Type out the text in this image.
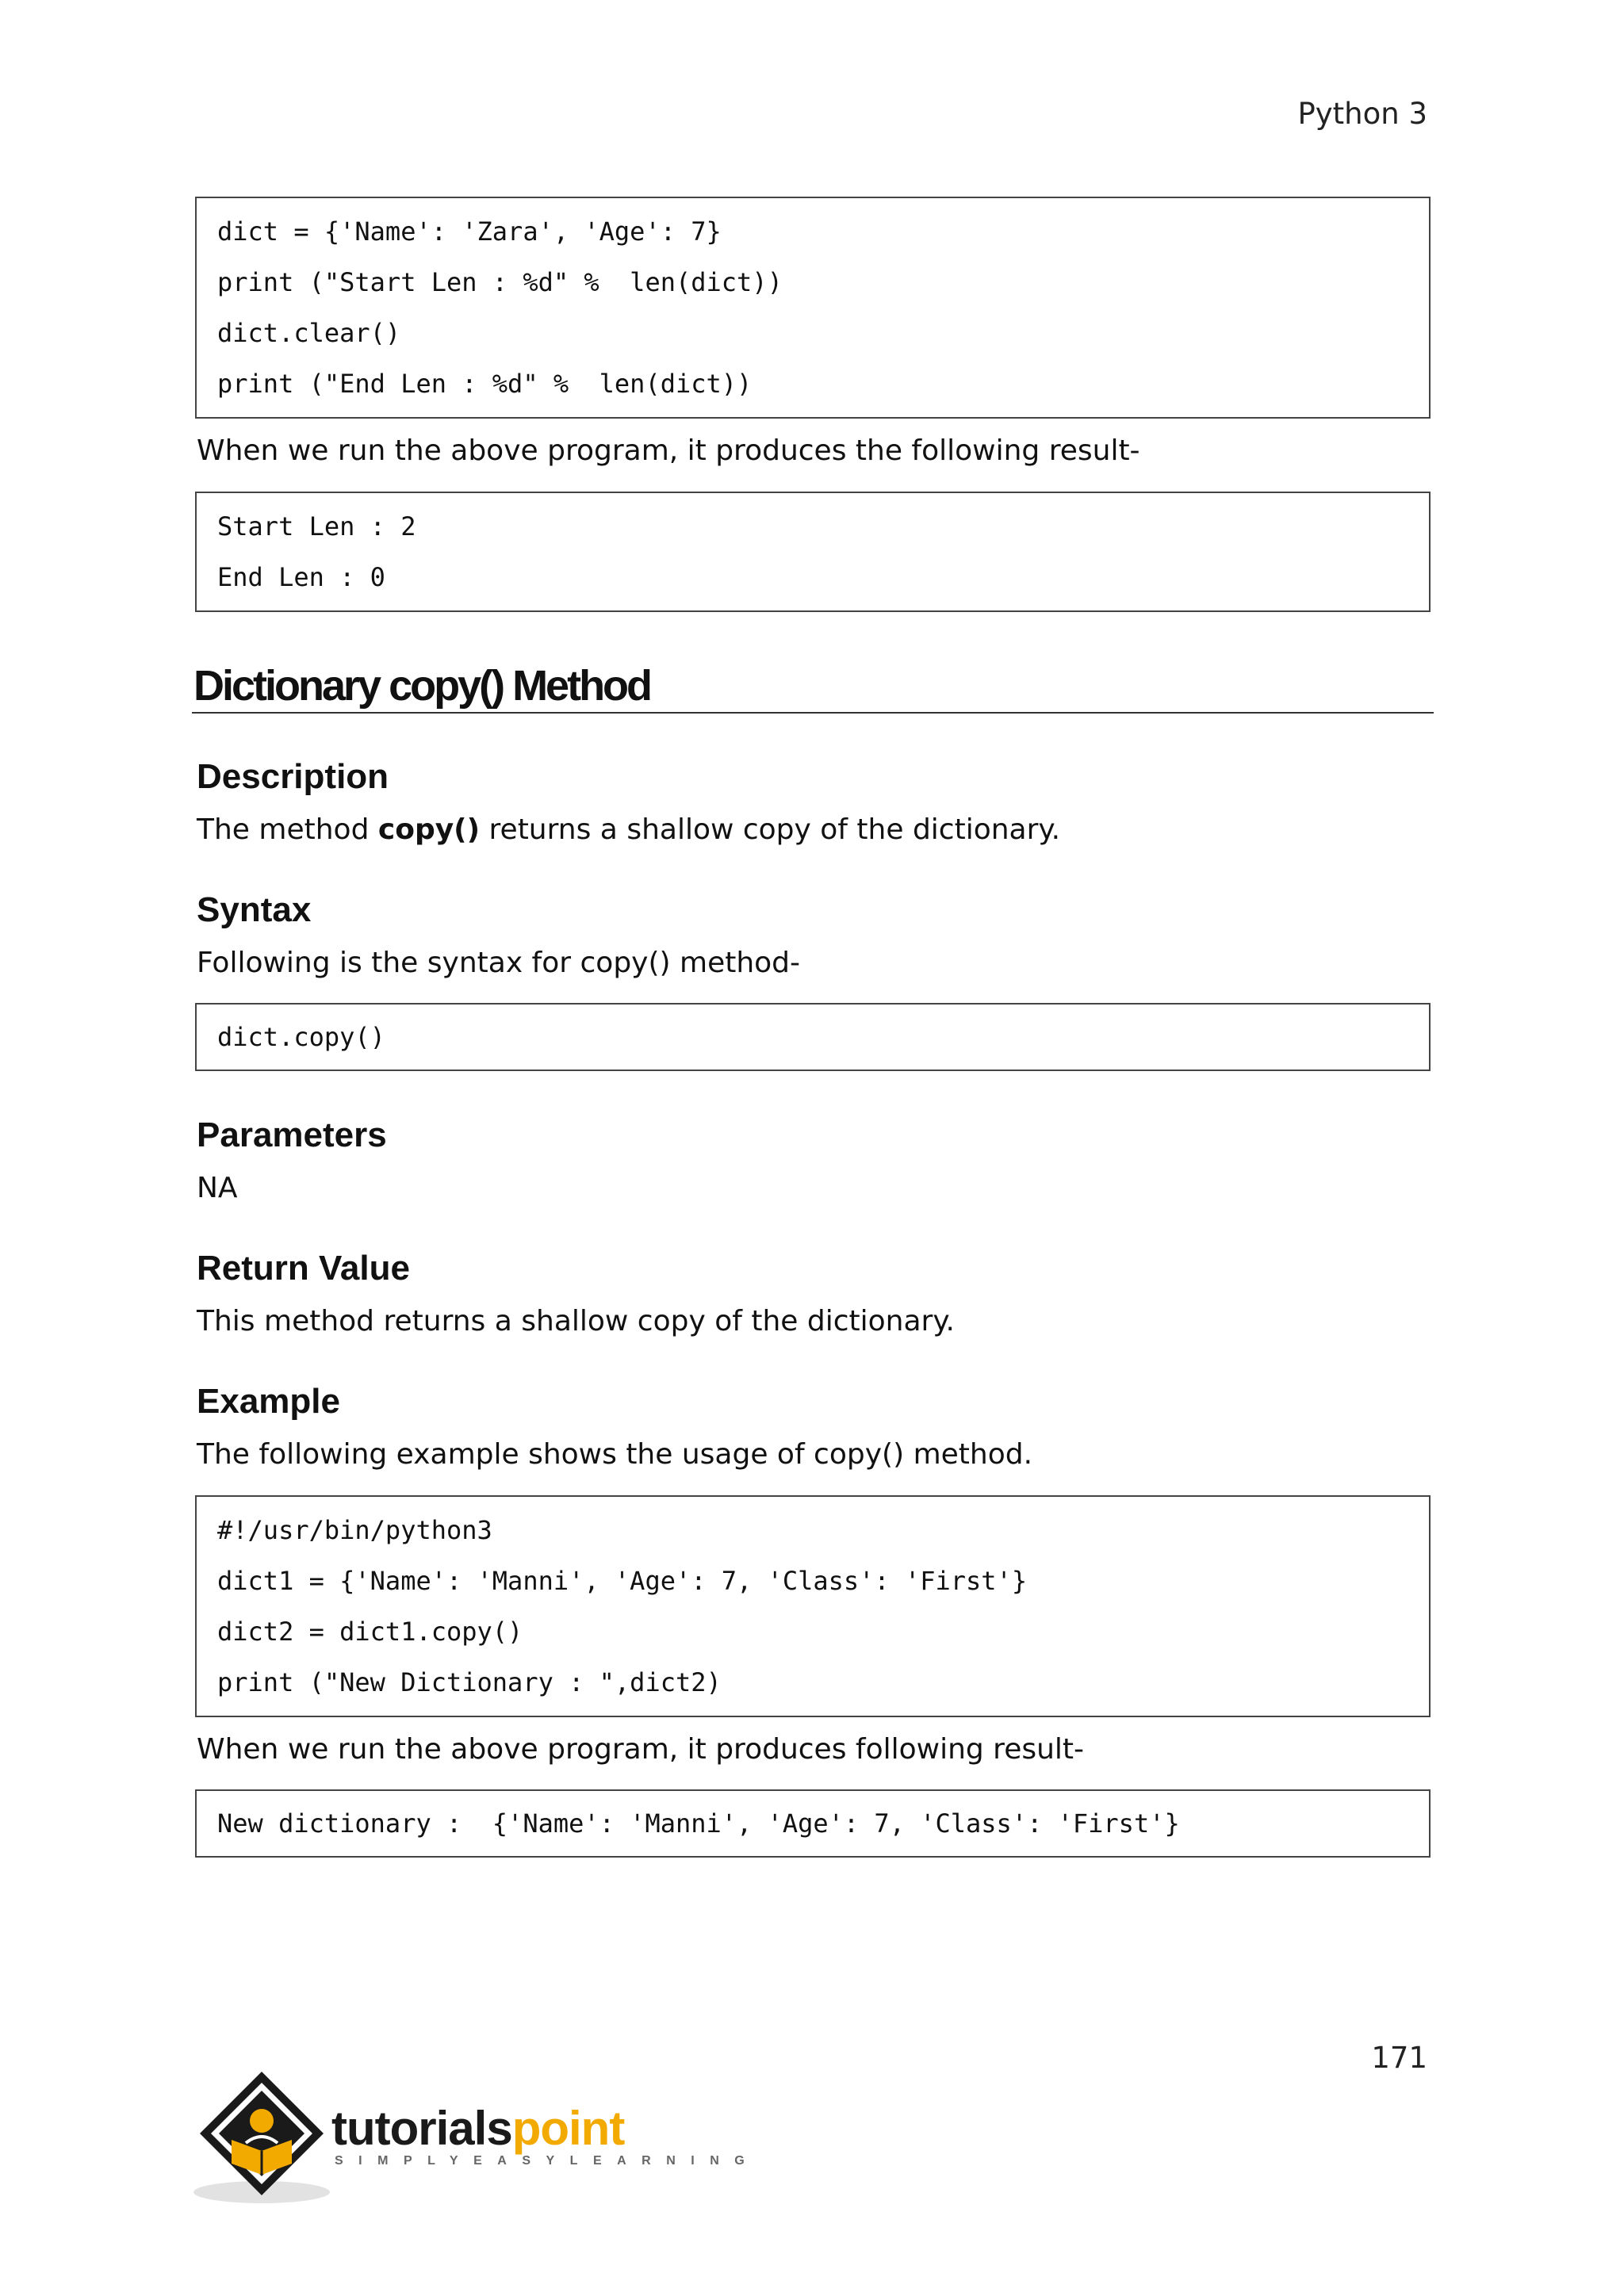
Python 3
dict = {'Name': 'Zara', 'Age': 7}
print ("Start Len : %d" %  len(dict))
dict.clear()
print ("End Len : %d" %  len(dict))
When we run the above program, it produces the following result-
Start Len : 2
End Len : 0
Dictionary copy() Method
Description
The method copy() returns a shallow copy of the dictionary.
Syntax
Following is the syntax for copy() method-
dict.copy()
Parameters
NA
Return Value
This method returns a shallow copy of the dictionary.
Example
The following example shows the usage of copy() method.
#!/usr/bin/python3
dict1 = {'Name': 'Manni', 'Age': 7, 'Class': 'First'}
dict2 = dict1.copy()
print ("New Dictionary : ",dict2)
When we run the above program, it produces following result-
New dictionary :  {'Name': 'Manni', 'Age': 7, 'Class': 'First'}
171
tutorialspoint
SIMPLYEASYLEARNING
